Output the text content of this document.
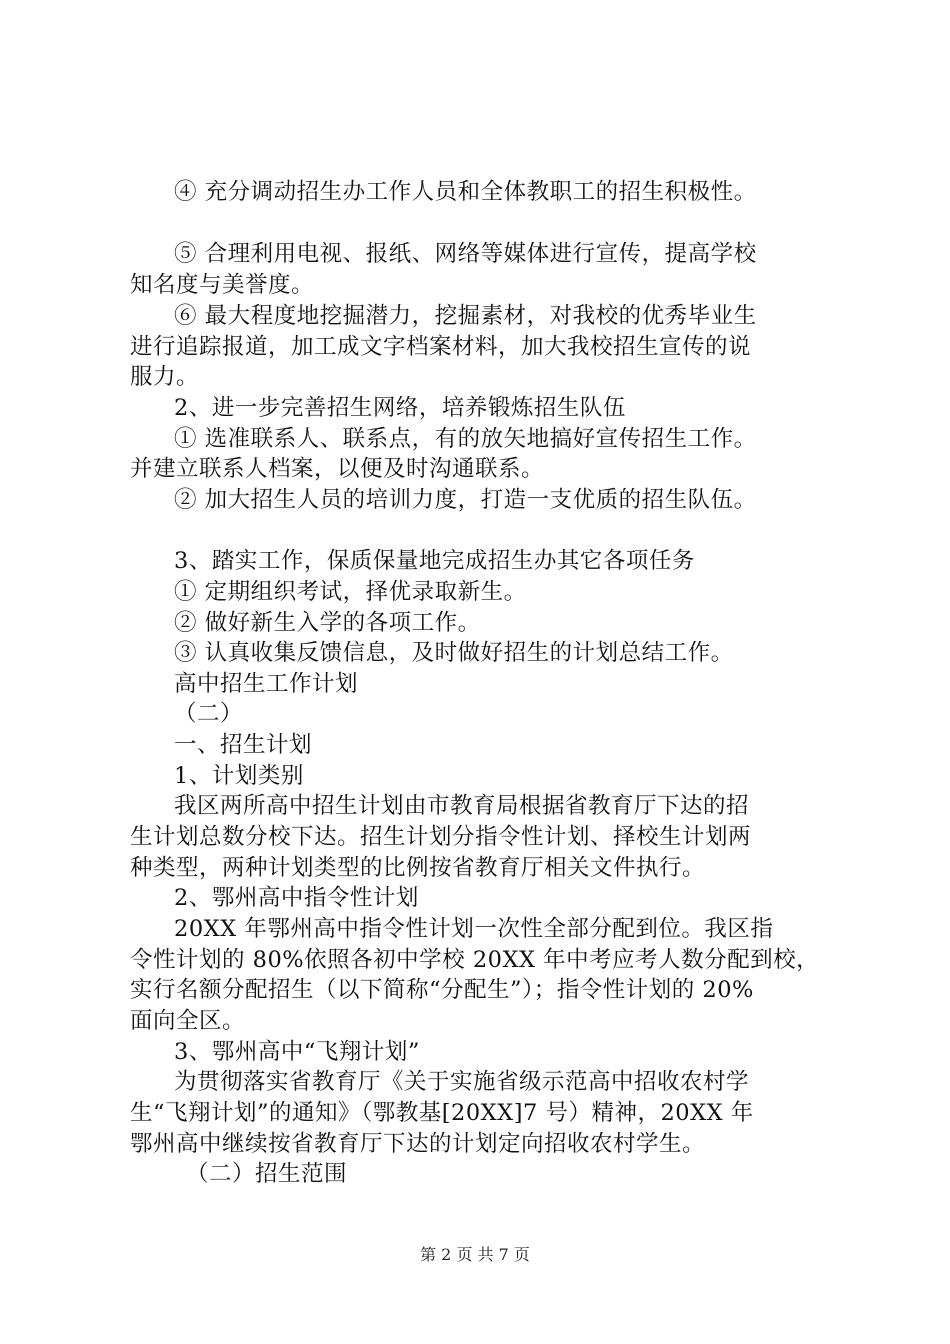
④ 充分调动招生办工作人员和全体教职工的招生积极性。
⑤ 合理利用电视、报纸、网络等媒体进行宣传，提高学校
知名度与美誉度。
⑥ 最大程度地挖掘潜力，挖掘素材，对我校的优秀毕业生
进行追踪报道，加工成文字档案材料，加大我校招生宣传的说
服力。
2、进一步完善招生网络，培养锻炼招生队伍
① 选准联系人、联系点，有的放矢地搞好宣传招生工作。
并建立联系人档案，以便及时沟通联系。
② 加大招生人员的培训力度，打造一支优质的招生队伍。
3、踏实工作，保质保量地完成招生办其它各项任务
① 定期组织考试，择优录取新生。
② 做好新生入学的各项工作。
③ 认真收集反馈信息，及时做好招生的计划总结工作。
高中招生工作计划
（二）
一、招生计划
1、计划类别
我区两所高中招生计划由市教育局根据省教育厅下达的招
生计划总数分校下达。招生计划分指令性计划、择校生计划两
种类型，两种计划类型的比例按省教育厅相关文件执行。
2、鄂州高中指令性计划
20XX 年鄂州高中指令性计划一次性全部分配到位。我区指
令性计划的 80%依照各初中学校 20XX 年中考应考人数分配到校，
实行名额分配招生（以下简称“分配生”）；指令性计划的 20%
面向全区。
3、鄂州高中“飞翔计划”
为贯彻落实省教育厅《关于实施省级示范高中招收农村学
生“飞翔计划”的通知》（鄂教基[20XX]7 号）精神，20XX 年
鄂州高中继续按省教育厅下达的计划定向招收农村学生。
（二）招生范围
第 2 页 共 7 页
